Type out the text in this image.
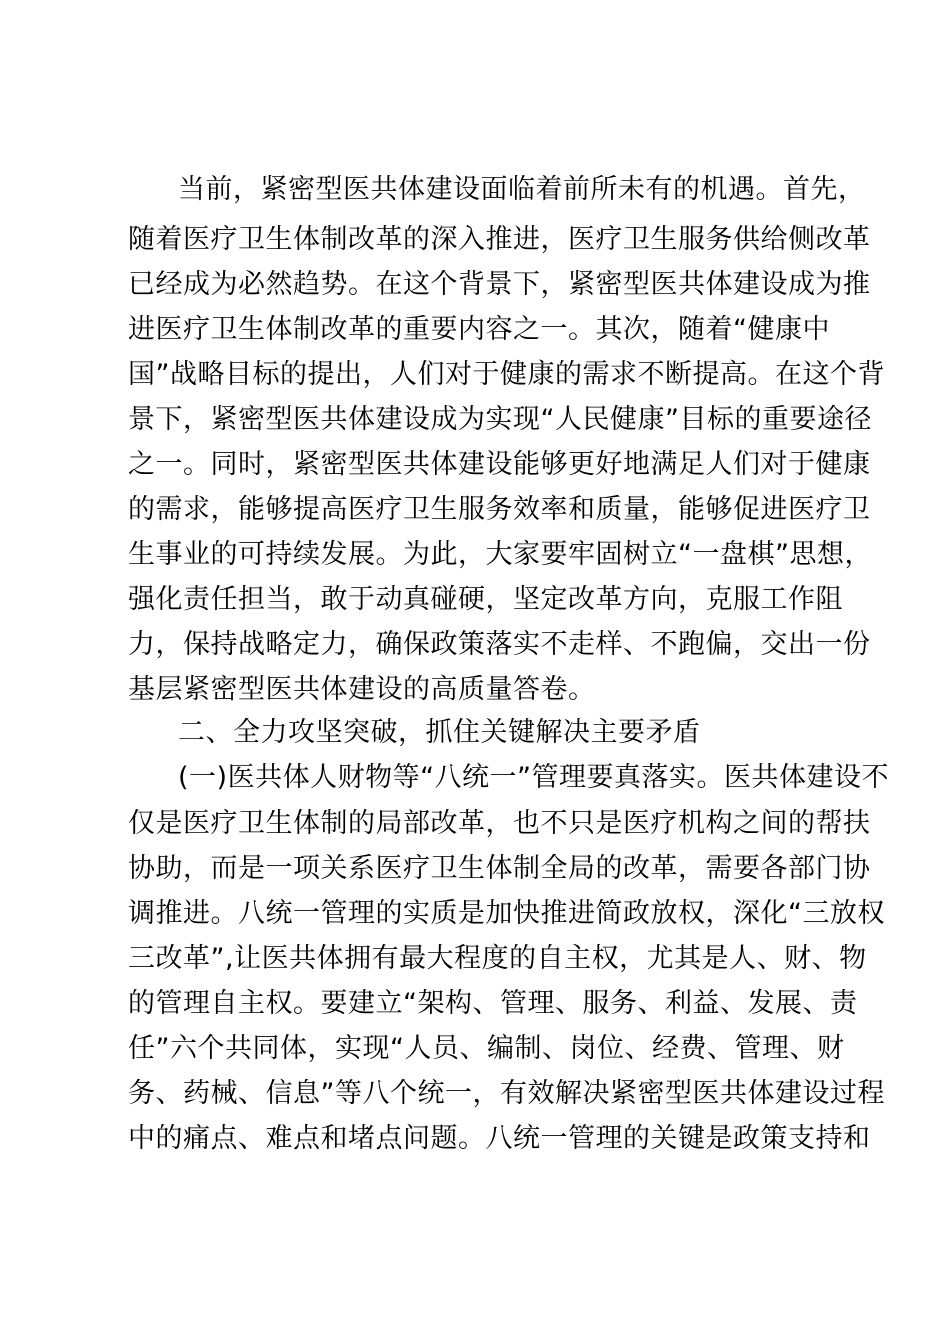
当前，紧密型医共体建设面临着前所未有的机遇。首先，
随着医疗卫生体制改革的深入推进，医疗卫生服务供给侧改革
已经成为必然趋势。在这个背景下，紧密型医共体建设成为推
进医疗卫生体制改革的重要内容之一。其次，随着“健康中
国”战略目标的提出，人们对于健康的需求不断提高。在这个背
景下，紧密型医共体建设成为实现“人民健康”目标的重要途径
之一。同时，紧密型医共体建设能够更好地满足人们对于健康
的需求，能够提高医疗卫生服务效率和质量，能够促进医疗卫
生事业的可持续发展。为此，大家要牢固树立“一盘棋”思想，
强化责任担当，敢于动真碰硬，坚定改革方向，克服工作阻
力，保持战略定力，确保政策落实不走样、不跑偏，交出一份
基层紧密型医共体建设的高质量答卷。
二、全力攻坚突破，抓住关键解决主要矛盾
(一)医共体人财物等“八统一”管理要真落实。医共体建设不
仅是医疗卫生体制的局部改革，也不只是医疗机构之间的帮扶
协助，而是一项关系医疗卫生体制全局的改革，需要各部门协
调推进。八统一管理的实质是加快推进简政放权，深化“三放权
三改革”,让医共体拥有最大程度的自主权，尤其是人、财、物
的管理自主权。要建立“架构、管理、服务、利益、发展、责
任”六个共同体，实现“人员、编制、岗位、经费、管理、财
务、药械、信息”等八个统一，有效解决紧密型医共体建设过程
中的痛点、难点和堵点问题。八统一管理的关键是政策支持和
